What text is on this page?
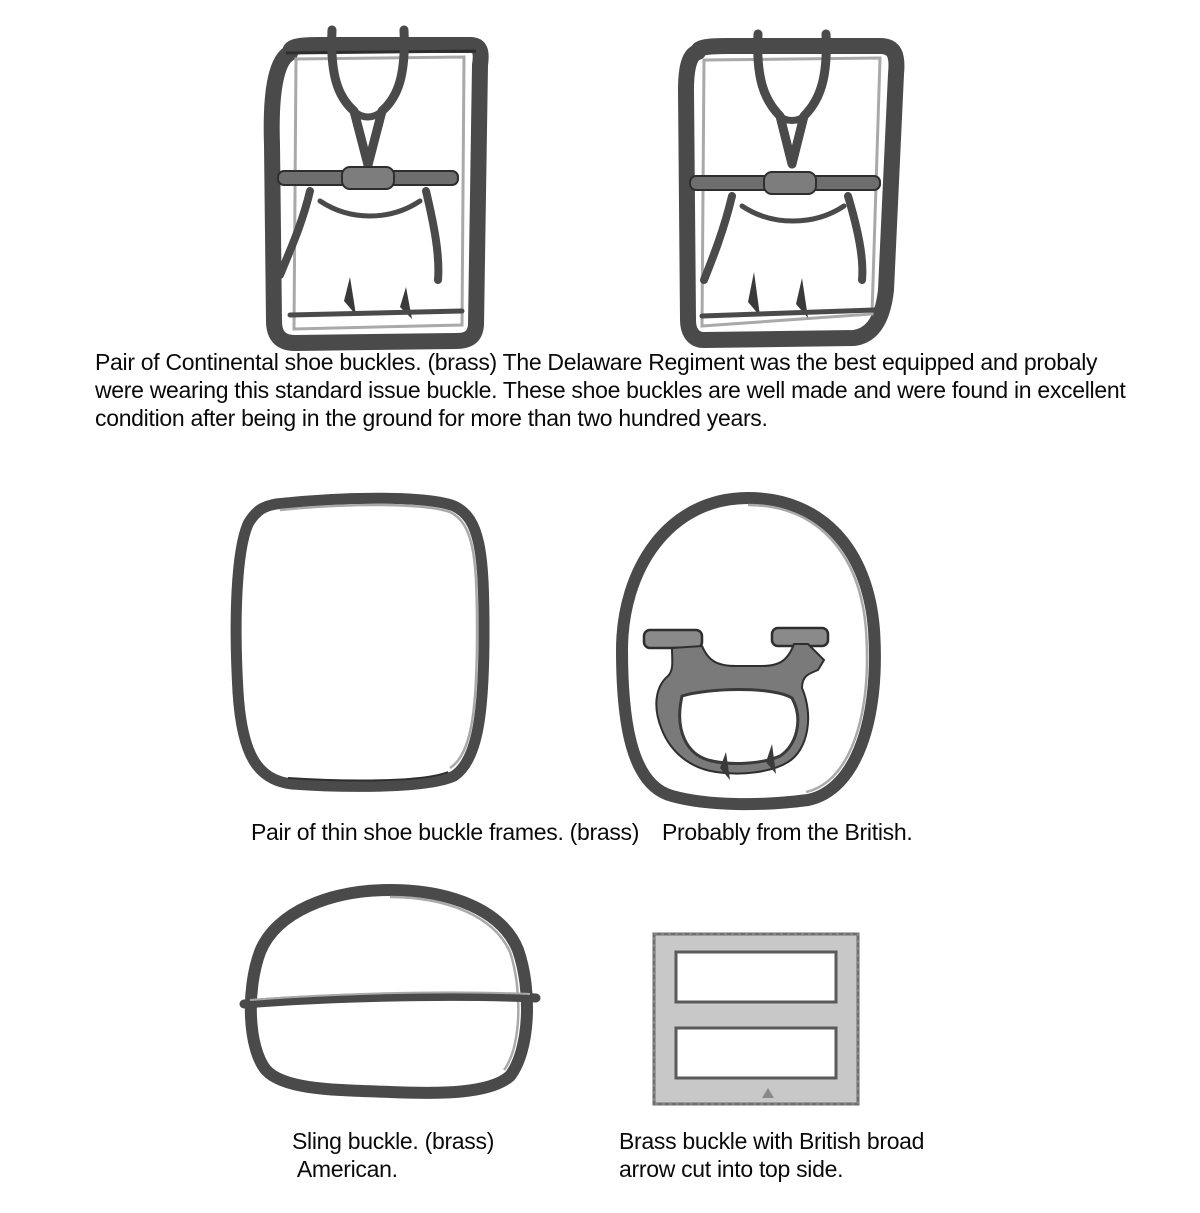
Pair of Continental shoe buckles. (brass) The Delaware Regiment was the best equipped and probaly
were wearing this standard issue buckle. These shoe buckles are well made and were found in excellent
condition after being in the ground for more than two hundred years.
Pair of thin shoe buckle frames. (brass) Probably from the British.
Sling buckle. (brass)
American.
Brass buckle with British broad
arrow cut into top side.
